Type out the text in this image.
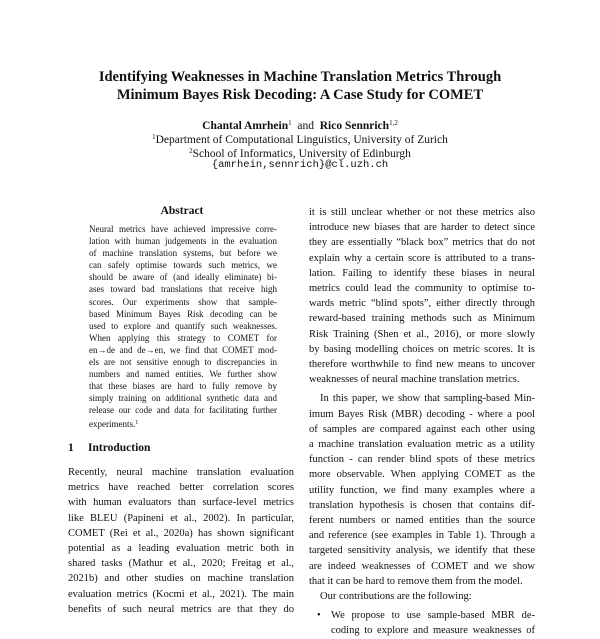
Identifying Weaknesses in Machine Translation Metrics Through
Minimum Bayes Risk Decoding: A Case Study for COMET
Chantal Amrhein$^1$ and Rico Sennrich$^{1,2}$
$^1$Department of Computational Linguistics, University of Zurich
$^2$School of Informatics, University of Edinburgh
{amrhein,sennrich}@cl.uzh.ch
Abstract
Neural metrics have achieved impressive corre-
lation with human judgements in the evaluation
of machine translation systems, but before we
can safely optimise towards such metrics, we
should be aware of (and ideally eliminate) bi-
ases toward bad translations that receive high
scores. Our experiments show that sample-
based Minimum Bayes Risk decoding can be
used to explore and quantify such weaknesses.
When applying this strategy to COMET for
en→de and de→en, we find that COMET mod-
els are not sensitive enough to discrepancies in
numbers and named entities. We further show
that these biases are hard to fully remove by
simply training on additional synthetic data and
release our code and data for facilitating further
experiments.$^1$
1 Introduction
Recently, neural machine translation evaluation
metrics have reached better correlation scores
with human evaluators than surface-level metrics
like BLEU (Papineni et al., 2002). In particular,
COMET (Rei et al., 2020a) has shown significant
potential as a leading evaluation metric both in
shared tasks (Mathur et al., 2020; Freitag et al.,
2021b) and other studies on machine translation
evaluation metrics (Kocmi et al., 2021). The main
benefits of such neural metrics are that they do
it is still unclear whether or not these metrics also
introduce new biases that are harder to detect since
they are essentially “black box” metrics that do not
explain why a certain score is attributed to a trans-
lation. Failing to identify these biases in neural
metrics could lead the community to optimise to-
wards metric “blind spots”, either directly through
reward-based training methods such as Minimum
Risk Training (Shen et al., 2016), or more slowly
by basing modelling choices on metric scores. It is
therefore worthwhile to find new means to uncover
weaknesses of neural machine translation metrics.
In this paper, we show that sampling-based Min-
imum Bayes Risk (MBR) decoding - where a pool
of samples are compared against each other using
a machine translation evaluation metric as a utility
function - can render blind spots of these metrics
more observable. When applying COMET as the
utility function, we find many examples where a
translation hypothesis is chosen that contains dif-
ferent numbers or named entities than the source
and reference (see examples in Table 1). Through a
targeted sensitivity analysis, we identify that these
are indeed weaknesses of COMET and we show
that it can be hard to remove them from the model.
Our contributions are the following:
We propose to use sample-based MBR de-
•
coding to explore and measure weaknesses of
